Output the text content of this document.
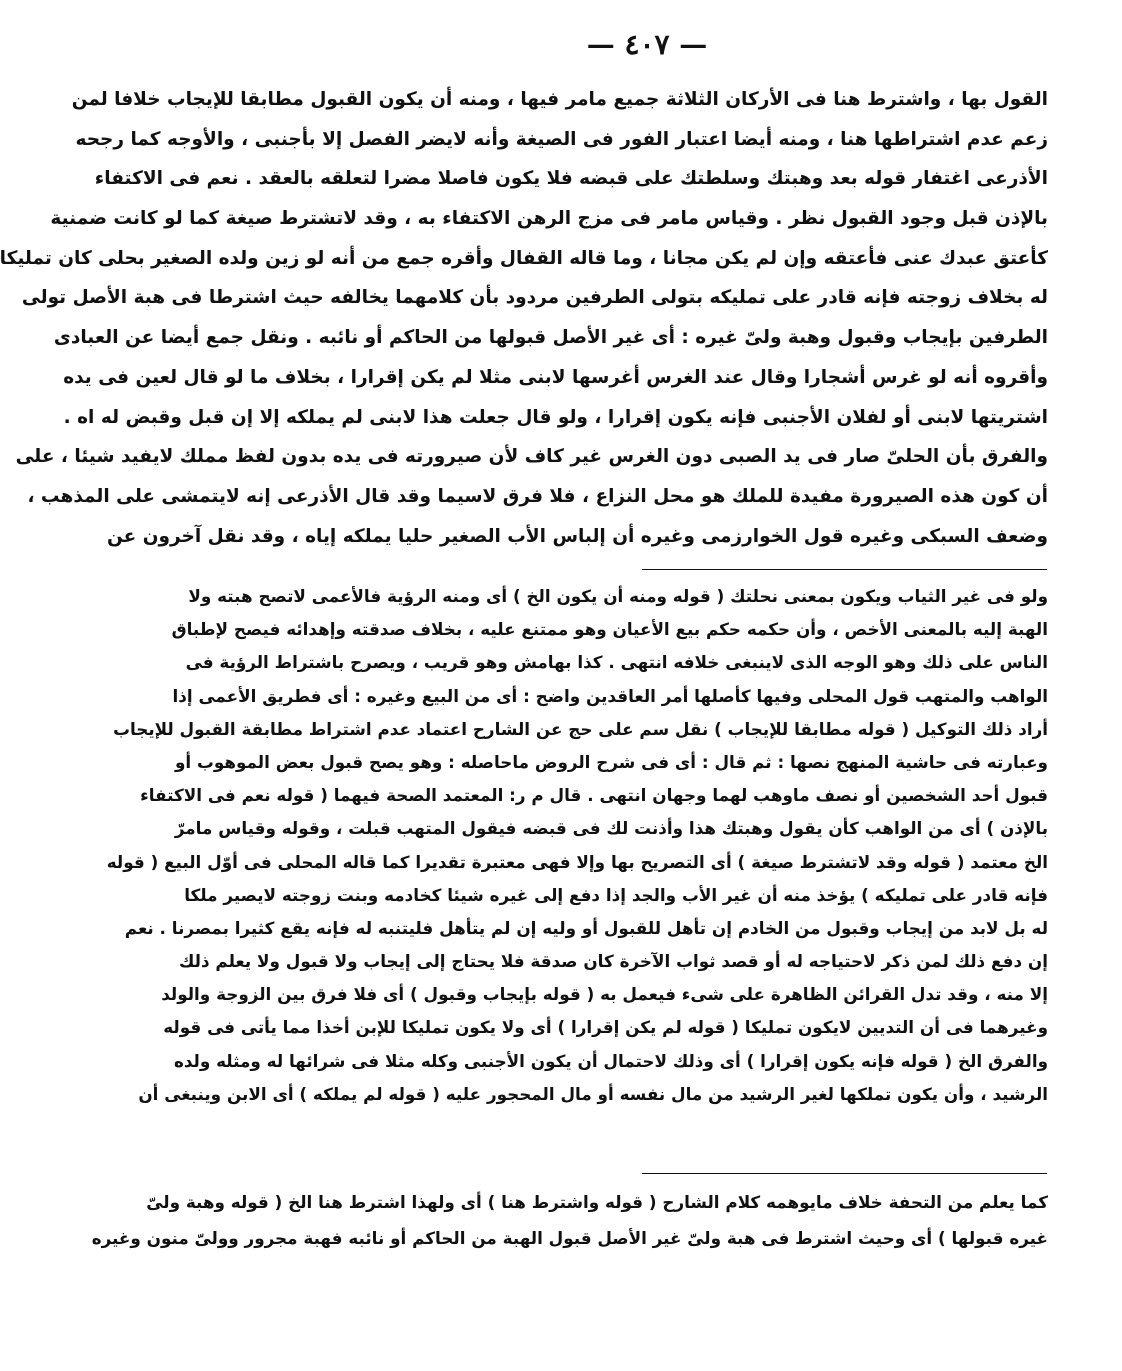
— ٤٠٧ —
القول بها ، واشترط هنا فى الأركان الثلاثة جميع مامر فيها ، ومنه أن يكون القبول مطابقا للإيجاب خلافا لمن
زعم عدم اشتراطها هنا ، ومنه أيضا اعتبار الفور فى الصيغة وأنه لايضر الفصل إلا بأجنبى ، والأوجه كما رجحه
الأذرعى اغتفار قوله بعد وهبتك وسلطتك على قبضه فلا يكون فاصلا مضرا لتعلقه بالعقد . نعم فى الاكتفاء
بالإذن قبل وجود القبول نظر . وقياس مامر فى مزج الرهن الاكتفاء به ، وقد لاتشترط صيغة كما لو كانت ضمنية
كأعتق عبدك عنى فأعتقه وإن لم يكن مجانا ، وما قاله القفال وأقره جمع من أنه لو زين ولده الصغير بحلى كان تمليكا
له بخلاف زوجته فإنه قادر على تمليكه بتولى الطرفين مردود بأن كلامهما يخالفه حيث اشترطا فى هبة الأصل تولى
الطرفين بإيجاب وقبول وهبة ولىّ غيره : أى غير الأصل قبولها من الحاكم أو نائبه . ونقل جمع أيضا عن العبادى
وأقروه أنه لو غرس أشجارا وقال عند الغرس أغرسها لابنى مثلا لم يكن إقرارا ، بخلاف ما لو قال لعين فى يده
اشتريتها لابنى أو لفلان الأجنبى فإنه يكون إقرارا ، ولو قال جعلت هذا لابنى لم يملكه إلا إن قبل وقبض له اه .
والفرق بأن الحلىّ صار فى يد الصبى دون الغرس غير كاف لأن صيرورته فى يده بدون لفظ مملك لايفيد شيئا ، على
أن كون هذه الصيرورة مفيدة للملك هو محل النزاع ، فلا فرق لاسيما وقد قال الأذرعى إنه لايتمشى على المذهب ،
وضعف السبكى وغيره قول الخوارزمى وغيره أن إلباس الأب الصغير حليا يملكه إياه ، وقد نقل آخرون عن
ولو فى غير الثياب ويكون بمعنى نحلتك ( قوله ومنه أن يكون الخ ) أى ومنه الرؤية فالأعمى لاتصح هبته ولا
الهبة إليه بالمعنى الأخص ، وأن حكمه حكم بيع الأعيان وهو ممتنع عليه ، بخلاف صدقته وإهدائه فيصح لإطباق
الناس على ذلك وهو الوجه الذى لاينبغى خلافه انتهى . كذا بهامش وهو قريب ، ويصرح باشتراط الرؤية فى
الواهب والمتهب قول المحلى وفيها كأصلها أمر العاقدين واضح : أى من البيع وغيره : أى فطريق الأعمى إذا
أراد ذلك التوكيل ( قوله مطابقا للإيجاب ) نقل سم على حج عن الشارح اعتماد عدم اشتراط مطابقة القبول للإيجاب
وعبارته فى حاشية المنهج نصها : ثم قال : أى فى شرح الروض ماحاصله : وهو يصح قبول بعض الموهوب أو
قبول أحد الشخصين أو نصف ماوهب لهما وجهان انتهى . قال م ر: المعتمد الصحة فيهما ( قوله نعم فى الاكتفاء
بالإذن ) أى من الواهب كأن يقول وهبتك هذا وأذنت لك فى قبضه فيقول المتهب قبلت ، وقوله وقياس مامرّ
الخ معتمد ( قوله وقد لاتشترط صيغة ) أى التصريح بها وإلا فهى معتبرة تقديرا كما قاله المحلى فى أوّل البيع ( قوله
فإنه قادر على تمليكه ) يؤخذ منه أن غير الأب والجد إذا دفع إلى غيره شيئا كخادمه وبنت زوجته لايصير ملكا
له بل لابد من إيجاب وقبول من الخادم إن تأهل للقبول أو وليه إن لم يتأهل فليتنبه له فإنه يقع كثيرا بمصرنا . نعم
إن دفع ذلك لمن ذكر لاحتياجه له أو قصد ثواب الآخرة كان صدقة فلا يحتاج إلى إيجاب ولا قبول ولا يعلم ذلك
إلا منه ، وقد تدل القرائن الظاهرة على شىء فيعمل به ( قوله بإيجاب وقبول ) أى فلا فرق بين الزوجة والولد
وغيرهما فى أن التديين لايكون تمليكا ( قوله لم يكن إقرارا ) أى ولا يكون تمليكا للإبن أخذا مما يأتى فى قوله
والفرق الخ ( قوله فإنه يكون إقرارا ) أى وذلك لاحتمال أن يكون الأجنبى وكله مثلا فى شرائها له ومثله ولده
الرشيد ، وأن يكون تملكها لغير الرشيد من مال نفسه أو مال المحجور عليه ( قوله لم يملكه ) أى الابن وينبغى أن
كما يعلم من التحفة خلاف مايوهمه كلام الشارح ( قوله واشترط هنا ) أى ولهذا اشترط هنا الخ ( قوله وهبة ولىّ
غيره قبولها ) أى وحيث اشترط فى هبة ولىّ غير الأصل قبول الهبة من الحاكم أو نائبه فهبة مجرور وولىّ منون وغيره
